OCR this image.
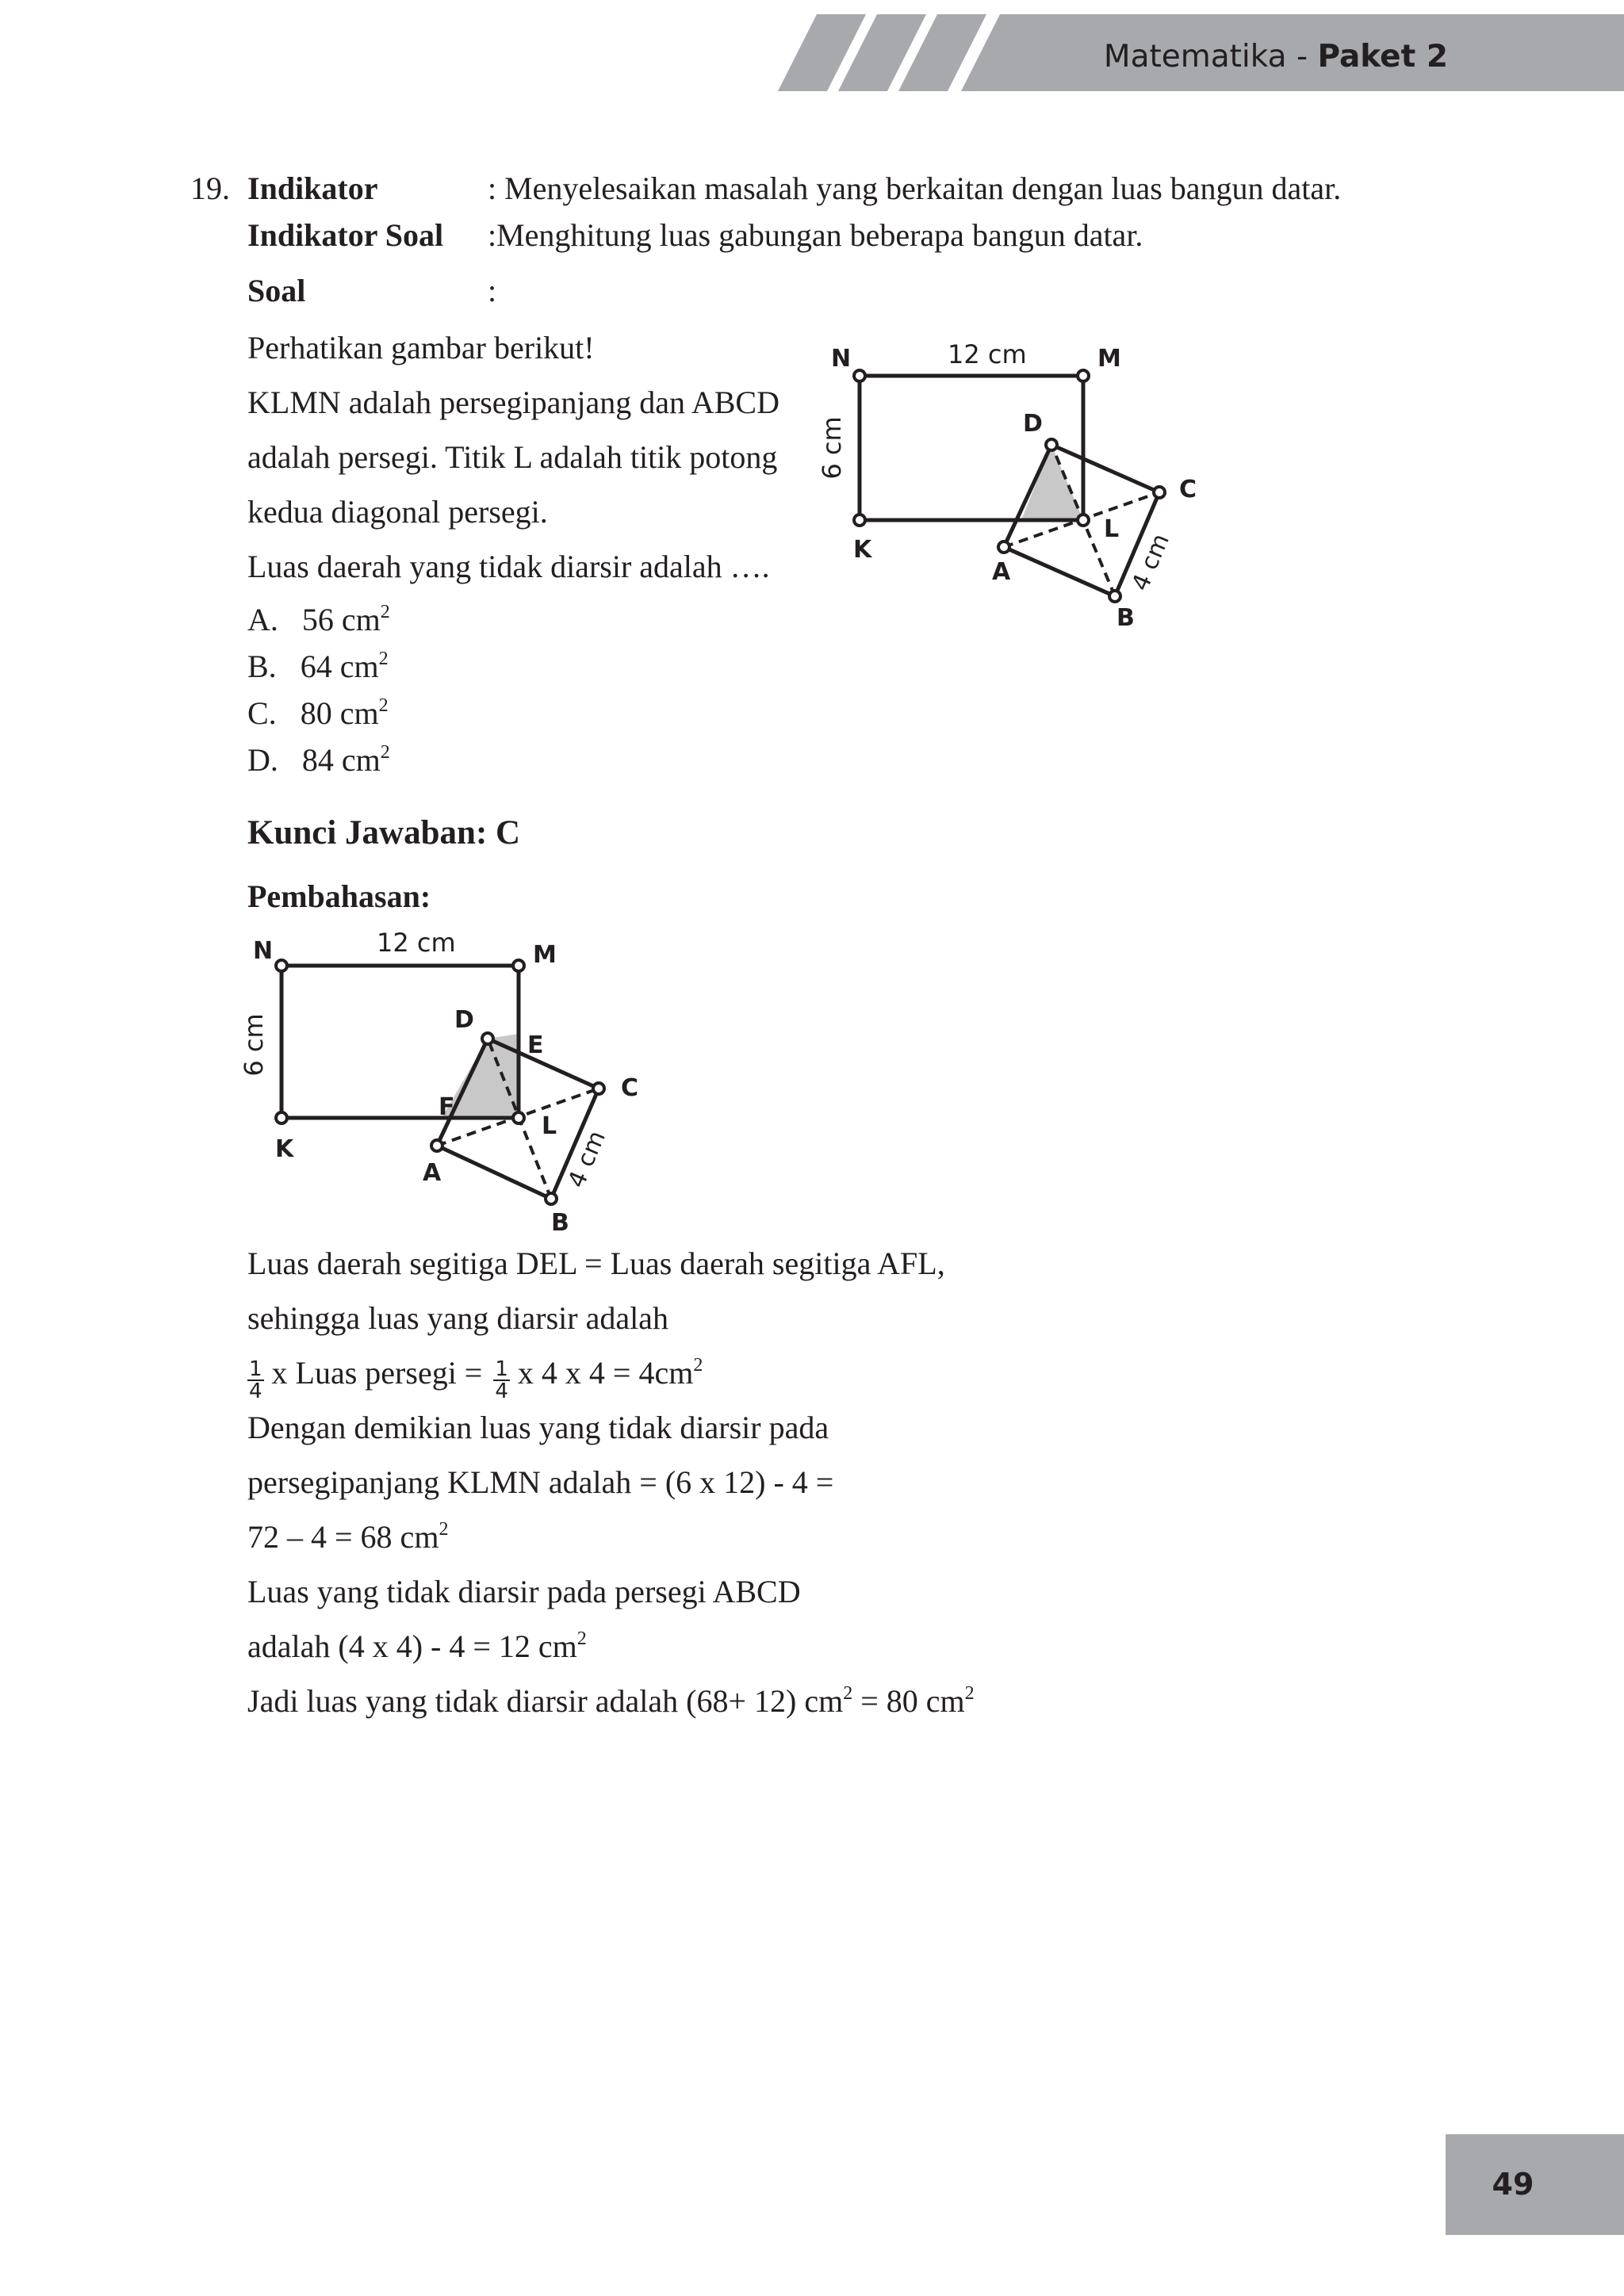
Matematika - Paket 2
19. Indikator	: Menyelesaikan masalah yang berkaitan dengan luas bangun datar.
Indikator Soal :Menghitung luas gabungan beberapa bangun datar.
Soal	:
Perhatikan gambar berikut!
KLMN adalah persegipanjang dan ABCD
adalah persegi. Titik L adalah titik potong
kedua diagonal persegi.
Luas daerah yang tidak diarsir adalah ….
A. 56 $cm^2$
B. 64 $cm^2$
C. 80 $cm^2$
D. 84 $cm^2$
N	M
12 cm
6 cm
K
L
D
C
A
B
4 cm
Kunci Jawaban: C
Pembahasan:
N	M
12 cm
6 cm
K
L
D
E
F
C
A
B
4 cm
Luas daerah segitiga DEL = Luas daerah segitiga AFL,
sehingga luas yang diarsir adalah
$\frac{1}{4}$ x Luas persegi = $\frac{1}{4}$ x 4 x $4 = 4cm^2$
Dengan demikian luas yang tidak diarsir pada
persegipanjang KLMN adalah = (6 x 12) - 4 =
72 – 4 = 68 $cm^2$
Luas yang tidak diarsir pada persegi ABCD
adalah (4 x 4) - 4 = 12 $cm^2$
Jadi luas yang tidak diarsir adalah (68+ 12) $cm^2 = 80$ $cm^2$
49
